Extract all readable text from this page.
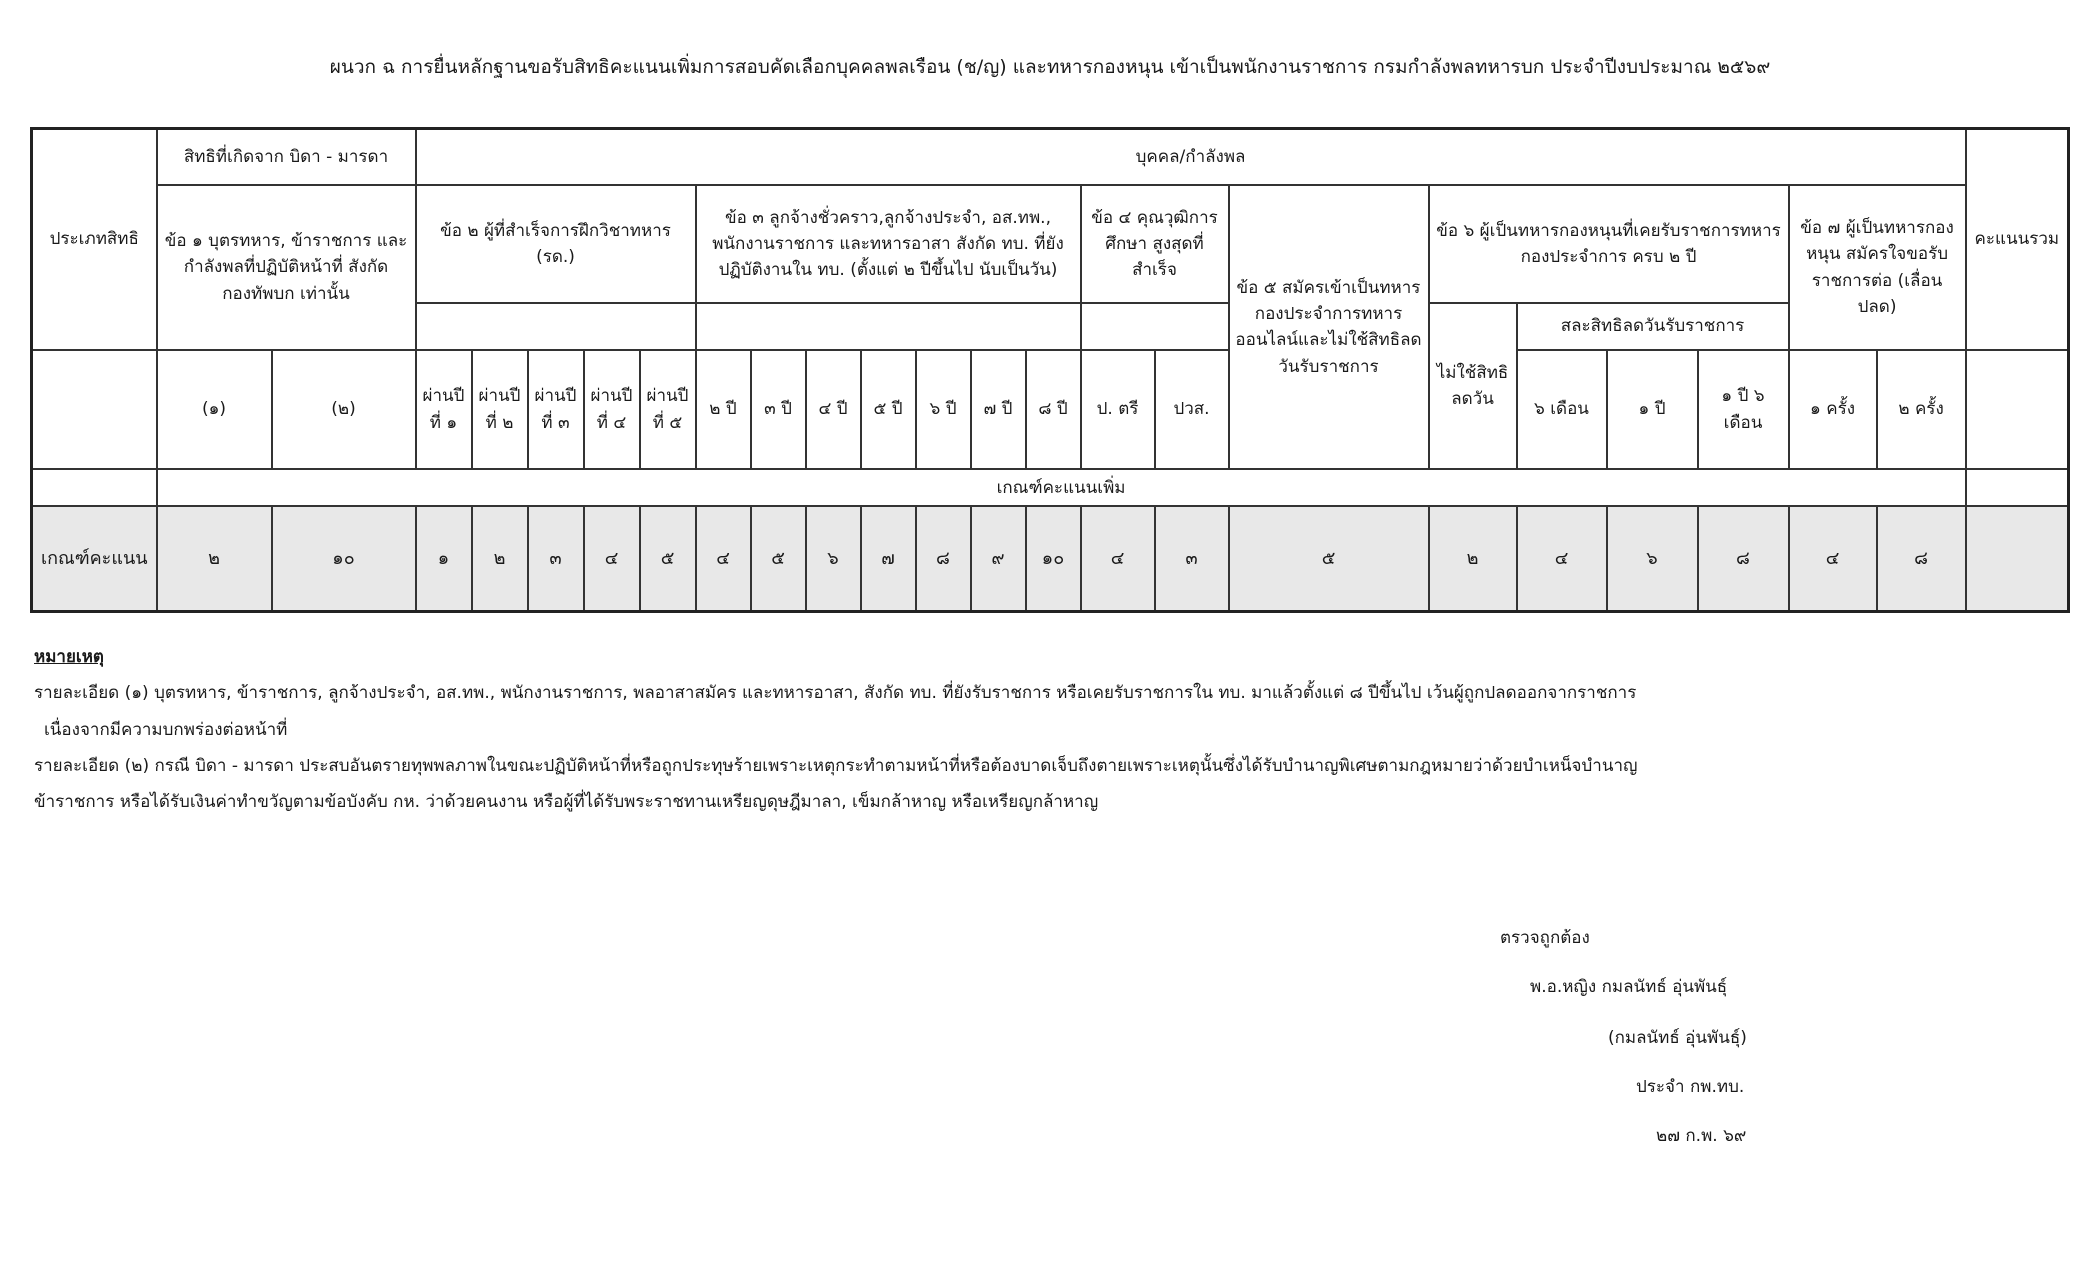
ผนวก ฉ การยื่นหลักฐานขอรับสิทธิคะแนนเพิ่มการสอบคัดเลือกบุคคลพลเรือน (ช/ญ) และทหารกองหนุน เข้าเป็นพนักงานราชการ กรมกำลังพลทหารบก ประจำปีงบประมาณ ๒๕๖๙
ประเภทสิทธิ	สิทธิที่เกิดจาก บิดา - มารดา		บุคคล/กำลังพล																					คะแนนรวม
	ข้อ ๑ บุตรทหาร, ข้าราชการ และ กำลังพลที่ปฏิบัติหน้าที่ สังกัด กองทัพบก เท่านั้น		ข้อ ๒ ผู้ที่สำเร็จการฝึกวิชาทหาร (รด.)					ข้อ ๓ ลูกจ้างชั่วคราว,ลูกจ้างประจำ, อส.ทพ., พนักงานราชการ และทหารอาสา สังกัด ทบ. ที่ยังปฏิบัติงานใน ทบ. (ตั้งแต่ ๒ ปีขึ้นไป นับเป็นวัน)							ข้อ ๔ คุณวุฒิการศึกษา สูงสุดที่สำเร็จ		ข้อ ๕ สมัครเข้าเป็นทหารกองประจำการทหารออนไลน์และไม่ใช้สิทธิลดวันรับราชการ	ข้อ ๖ ผู้เป็นทหารกองหนุนที่เคยรับราชการทหารกองประจำการ ครบ ๒ ปี				ข้อ ๗ ผู้เป็นทหารกองหนุน สมัครใจขอรับราชการต่อ (เลื่อนปลด)		
																		ไม่ใช้สิทธิลดวัน	สละสิทธิลดวันรับราชการ					
	(๑)	(๒)	ผ่านปีที่ ๑	ผ่านปีที่ ๒	ผ่านปีที่ ๓	ผ่านปีที่ ๔	ผ่านปีที่ ๕	๒ ปี	๓ ปี	๔ ปี	๕ ปี	๖ ปี	๗ ปี	๘ ปี	ป. ตรี	ปวส.			๖ เดือน	๑ ปี	๑ ปี ๖ เดือน	๑ ครั้ง	๒ ครั้ง	
	เกณฑ์คะแนนเพิ่ม																							
เกณฑ์คะแนน	๒	๑๐	๑	๒	๓	๔	๕	๔	๕	๖	๗	๘	๙	๑๐	๔	๓	๕	๒	๔	๖	๘	๔	๘	
หมายเหตุ

รายละเอียด (๑) บุตรทหาร, ข้าราชการ, ลูกจ้างประจำ, อส.ทพ., พนักงานราชการ, พลอาสาสมัคร และทหารอาสา, สังกัด ทบ. ที่ยังรับราชการ หรือเคยรับราชการใน ทบ. มาแล้วตั้งแต่ ๘ ปีขึ้นไป เว้นผู้ถูกปลดออกจากราชการ

เนื่องจากมีความบกพร่องต่อหน้าที่

รายละเอียด (๒) กรณี บิดา - มารดา ประสบอันตรายทุพพลภาพในขณะปฏิบัติหน้าที่หรือถูกประทุษร้ายเพราะเหตุกระทำตามหน้าที่หรือต้องบาดเจ็บถึงตายเพราะเหตุนั้นซึ่งได้รับบำนาญพิเศษตามกฎหมายว่าด้วยบำเหน็จบำนาญ

ข้าราชการ หรือได้รับเงินค่าทำขวัญตามข้อบังคับ กห. ว่าด้วยคนงาน หรือผู้ที่ได้รับพระราชทานเหรียญดุษฎีมาลา, เข็มกล้าหาญ หรือเหรียญกล้าหาญ

ตรวจถูกต้อง
พ.อ.หญิง กมลนัทธ์ อุ่นพันธุ์
(กมลนัทธ์ อุ่นพันธุ์)
ประจำ กพ.ทบ.
๒๗ ก.พ. ๖๙
